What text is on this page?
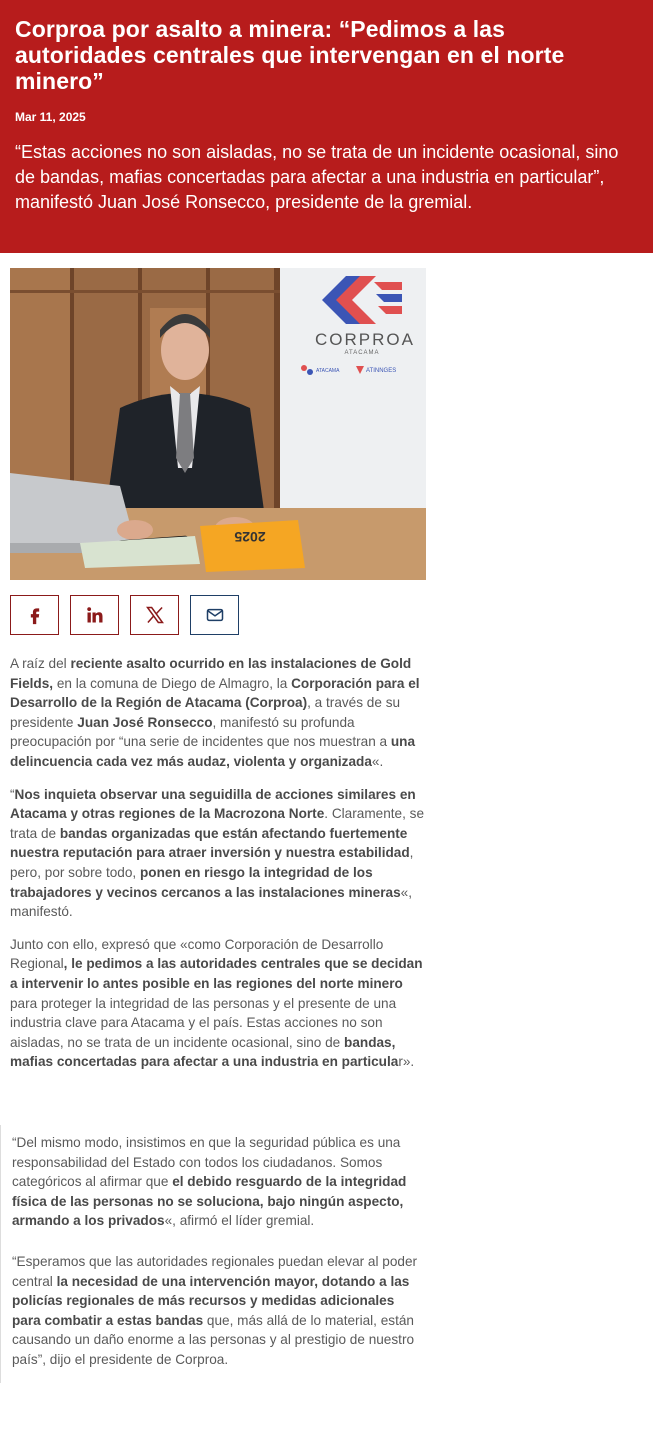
Corproa por asalto a minera: “Pedimos a las autoridades centrales que intervengan en el norte minero”
Mar 11, 2025
“Estas acciones no son aisladas, no se trata de un incidente ocasional, sino de bandas, mafias concertadas para afectar a una industria en particular”, manifestó Juan José Ronsecco, presidente de la gremial.
CORPROA
ATACAMA
ATACAMA	ATINNGES
2025

A raíz del reciente asalto ocurrido en las instalaciones de Gold Fields, en la comuna de Diego de Almagro, la Corporación para el Desarrollo de la Región de Atacama (Corproa), a través de su presidente Juan José Ronsecco, manifestó su profunda preocupación por “una serie de incidentes que nos muestran a una delincuencia cada vez más audaz, violenta y organizada«.

“Nos inquieta observar una seguidilla de acciones similares en Atacama y otras regiones de la Macrozona Norte. Claramente, se trata de bandas organizadas que están afectando fuertemente nuestra reputación para atraer inversión y nuestra estabilidad, pero, por sobre todo, ponen en riesgo la integridad de los trabajadores y vecinos cercanos a las instalaciones mineras«, manifestó.

Junto con ello, expresó que «como Corporación de Desarrollo Regional, le pedimos a las autoridades centrales que se decidan a intervenir lo antes posible en las regiones del norte minero para proteger la integridad de las personas y el presente de una industria clave para Atacama y el país. Estas acciones no son aisladas, no se trata de un incidente ocasional, sino de bandas, mafias concertadas para afectar a una industria en particular».

“Del mismo modo, insistimos en que la seguridad pública es una responsabilidad del Estado con todos los ciudadanos. Somos categóricos al afirmar que el debido resguardo de la integridad física de las personas no se soluciona, bajo ningún aspecto, armando a los privados«, afirmó el líder gremial.

“Esperamos que las autoridades regionales puedan elevar al poder central la necesidad de una intervención mayor, dotando a las policías regionales de más recursos y medidas adicionales para combatir a estas bandas que, más allá de lo material, están causando un daño enorme a las personas y al prestigio de nuestro país”, dijo el presidente de Corproa.
